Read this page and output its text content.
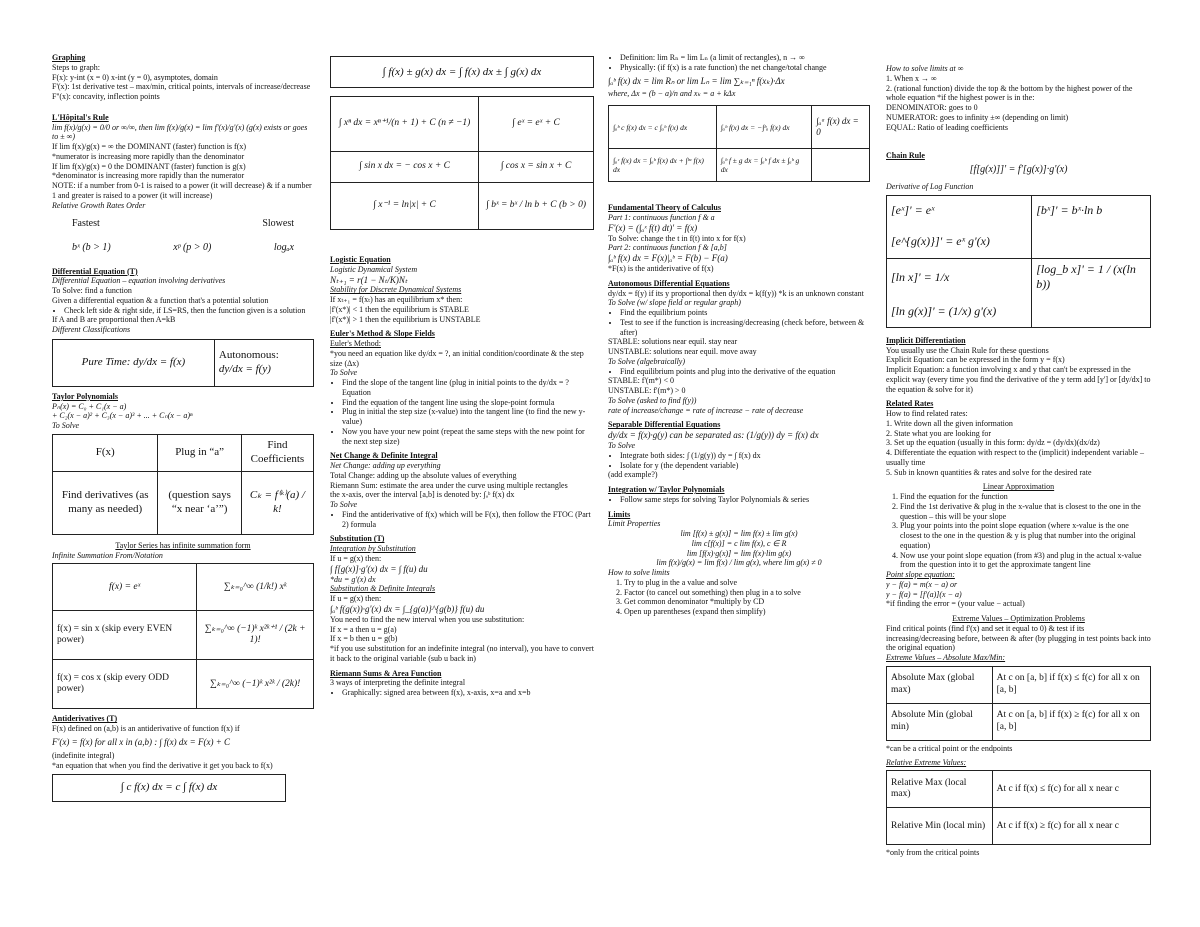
Graphing

Steps to graph:

F(x): y-int (x = 0) x-int (y = 0), asymptotes, domain

F'(x): 1st derivative test – max/min, critical points, intervals of increase/decrease

F''(x): concavity, inflection points

L'Hôpital's Rule

lim f(x)/g(x) = 0/0 or ∞/∞, then lim f(x)/g(x) = lim f'(x)/g'(x) (g(x) exists or goes to ± ∞)

If lim f(x)/g(x) = ∞ the DOMINANT (faster) function is f(x)

*numerator is increasing more rapidly than the denominator

If lim f(x)/g(x) = 0 the DOMINANT (faster) function is g(x)

*denominator is increasing more rapidly than the numerator

NOTE: if a number from 0-1 is raised to a power (it will decrease) & if a number 1 and greater is raised to a power (it will increase)

Relative Growth Rates Order

Fastest	Slowest
bˣ (b > 1)	xᵖ (p > 0)	logₐx
Differential Equation (T)

Differential Equation – equation involving derivatives

To Solve: find a function

Given a differential equation & a function that's a potential solution

• Check left side & right side, if LS=RS, then the function given is a solution

If A and B are proportional then A=kB

Different Classifications

Pure Time: dy/dx = f(x)	
Autonomous:
dy/dx = f(y)
Taylor Polynomials

Pₙ(x) = C₀ + C₁(x − a)

+ C₂(x − a)² + C₃(x − a)³ + ... + Cₙ(x − a)ⁿ

To Solve

F(x)	Plug in “a”	Find Coefficients
Find derivatives (as many as needed)	(question says “x near ‘a’”)	Cₖ = f⁽ᵏ⁾(a) / k!

Taylor Series has infinite summation form

Infinite Summation From/Notation

f(x) = eˣ	∑ₖ₌₀^∞ (1/k!) xᵏ
f(x) = sin x (skip every EVEN power)	∑ₖ₌₀^∞ (−1)ᵏ x²ᵏ⁺¹ / (2k + 1)!
f(x) = cos x (skip every ODD power)	∑ₖ₌₀^∞ (−1)ᵏ x²ᵏ / (2k)!
Antiderivatives (T)

F(x) defined on (a,b) is an antiderivative of function f(x) if

F'(x) = f(x) for all x in (a,b) : ∫ f(x) dx = F(x) + C

(indefinite integral)

*an equation that when you find the derivative it get you back to f(x)

∫ c f(x) dx = c ∫ f(x) dx
∫ f(x) ± g(x) dx = ∫ f(x) dx ± ∫ g(x) dx
∫ xⁿ dx = xⁿ⁺¹/(n + 1) + C (n ≠ −1)	∫ eˣ = eˣ + C
∫ sin x dx = − cos x + C	∫ cos x = sin x + C
∫ x⁻¹ = ln|x| + C	∫ bˣ = bˣ / ln b + C (b > 0)
Logistic Equation

Logistic Dynamical System

Nₜ₊₁ = r(1 − Nₜ/K)Nₜ

Stability for Discrete Dynamical Systems

If xₜ₊₁ = f(xₜ) has an equilibrium x* then:

|f'(x*)| < 1 then the equilibrium is STABLE

|f'(x*)| > 1 then the equilibrium is UNSTABLE

Euler's Method & Slope Fields

Euler's Method:

*you need an equation like dy/dx = ?, an initial condition/coordinate & the step size (Δx)

To Solve

• Find the slope of the tangent line (plug in initial points to the dy/dx = ? Equation
• Find the equation of the tangent line using the slope-point formula
• Plug in initial the step size (x-value) into the tangent line (to find the new y-value)
• Now you have your new point (repeat the same steps with the new point for the next step size)
Net Change & Definite Integral

Net Change: adding up everything

Total Change: adding up the absolute values of everything

Riemann Sum: estimate the area under the curve using multiple rectangles

the x-axis, over the interval [a,b] is denoted by: ∫ₐᵇ f(x) dx

To Solve

• Find the antiderivative of f(x) which will be F(x), then follow the FTOC (Part 2) formula
Substitution (T)

Integration by Substitution

If u = g(x) then:

∫ f[g(x)]·g'(x) dx = ∫ f(u) du

*du = g'(x) dx

Substitution & Definite Integrals

If u = g(x) then:

∫ₐᵇ f(g(x))·g'(x) dx = ∫_{g(a)}^{g(b)} f(u) du

You need to find the new interval when you use substitution:

If x = a then u = g(a)

If x = b then u = g(b)

*if you use substitution for an indefinite integral (no interval), you have to convert it back to the original variable (sub u back in)

Riemann Sums & Area Function

3 ways of interpreting the definite integral

• Graphically: signed area between f(x), x-axis, x=a and x=b
• Definition: lim Rₙ = lim Lₙ (a limit of rectangles), n → ∞
• Physically: (if f(x) is a rate function) the net change/total change

∫ₐᵇ f(x) dx = lim Rₙ or lim Lₙ = lim ∑ₖ₌₁ⁿ f(xₖ)·Δx

where, Δx = (b − a)/n and xₖ = a + kΔx

∫ₐᵇ c f(x) dx = c ∫ₐᵇ f(x) dx	∫ₐᵇ f(x) dx = −∫ᵇₐ f(x) dx	∫ₐᵃ f(x) dx = 0
∫ₐᶜ f(x) dx = ∫ₐᵇ f(x) dx + ∫ᵇᶜ f(x) dx	∫ₐᵇ f ± g dx = ∫ₐᵇ f dx ± ∫ₐᵇ g dx	
Fundamental Theory of Calculus

Part 1: continuous function f & a

F'(x) = (∫ₐˣ f(t) dt)' = f(x)

To Solve: change the t in f(t) into x for f(x)

Part 2: continuous function f & [a,b]

∫ₐᵇ f(x) dx = F(x)|ₐᵇ = F(b) − F(a)

*F(x) is the antiderivative of f(x)

Autonomous Differential Equations

dy/dx = f(y) if its y proportional then dy/dx = k(f(y)) *k is an unknown constant

To Solve (w/ slope field or regular graph)

• Find the equilibrium points
• Test to see if the function is increasing/decreasing (check before, between & after)

STABLE: solutions near equil. stay near

UNSTABLE: solutions near equil. move away

To Solve (algebraically)

• Find equilibrium points and plug into the derivative of the equation

STABLE: f'(m*) < 0

UNSTABLE: f'(m*) > 0

To Solve (asked to find f(y))

rate of increase/change = rate of increase − rate of decrease

Separable Differential Equations

dy/dx = f(x)·g(y) can be separated as: (1/g(y)) dy = f(x) dx

To Solve

• Integrate both sides: ∫ (1/g(y)) dy = ∫ f(x) dx
• Isolate for y (the dependent variable)

(add example?)

Integration w/ Taylor Polynomials
• Follow same steps for solving Taylor Polynomials & series
Limits

Limit Properties

lim [f(x) ± g(x)] = lim f(x) ± lim g(x)

lim c[f(x)] = c lim f(x), c ∈ R

lim [f(x)·g(x)] = lim f(x)·lim g(x)

lim f(x)/g(x) = lim f(x) / lim g(x), where lim g(x) ≠ 0

How to solve limits

1. Try to plug in the a value and solve
2. Factor (to cancel out something) then plug in a to solve
3. Get common denominator *multiply by CD
4. Open up parentheses (expand then simplify)

How to solve limits at ∞

1. When x → ∞

2. (rational function) divide the top & the bottom by the highest power of the whole equation *if the highest power is in the:

DENOMINATOR: goes to 0

NUMERATOR: goes to infinity ±∞ (depending on limit)

EQUAL: Ratio of leading coefficients

Chain Rule

[f[g(x)]]' = f'[g(x)]·g'(x)

Derivative of Log Function

[eˣ]' = eˣ	[bˣ]' = bˣ·ln b
[e^{g(x)}]' = eˣ g'(x)	
[ln x]' = 1/x	[log_b x]' = 1 / (x(ln b))
[ln g(x)]' = (1/x) g'(x)	
Implicit Differentiation

You usually use the Chain Rule for these questions

Explicit Equation: can be expressed in the form y = f(x)

Implicit Equation: a function involving x and y that can't be expressed in the explicit way (every time you find the derivative of the y term add [y'] or [dy/dx] to the equation & solve for it)

Related Rates

How to find related rates:

1. Write down all the given information

2. State what you are looking for

3. Set up the equation (usually in this form: dy/dz = (dy/dx)(dx/dz)

4. Differentiate the equation with respect to the (implicit) independent variable – usually time

5. Sub in known quantities & rates and solve for the desired rate

Linear Approximation

1. Find the equation for the function
2. Find the 1st derivative & plug in the x-value that is closest to the one in the question – this will be your slope
3. Plug your points into the point slope equation (where x-value is the one closest to the one in the question & y is plug that number into the original equation)
4. Now use your point slope equation (from #3) and plug in the actual x-value from the question into it to get the approximate tangent line

Point slope equation:

y − f(a) = m(x − a) or

y − f(a) = [f'(a)](x − a)

*if finding the error = (your value − actual)

Extreme Values – Optimization Problems

Find critical points (find f'(x) and set it equal to 0) & test if its increasing/decreasing before, between & after (by plugging in test points back into the original equation)

Extreme Values – Absolute Max/Min:

Absolute Max (global max)	At c on [a, b] if f(x) ≤ f(c) for all x on [a, b]
Absolute Min (global min)	At c on [a, b] if f(x) ≥ f(c) for all x on [a, b]

*can be a critical point or the endpoints

Relative Extreme Values:

Relative Max (local max)	At c if f(x) ≤ f(c) for all x near c
Relative Min (local min)	At c if f(x) ≥ f(c) for all x near c

*only from the critical points
